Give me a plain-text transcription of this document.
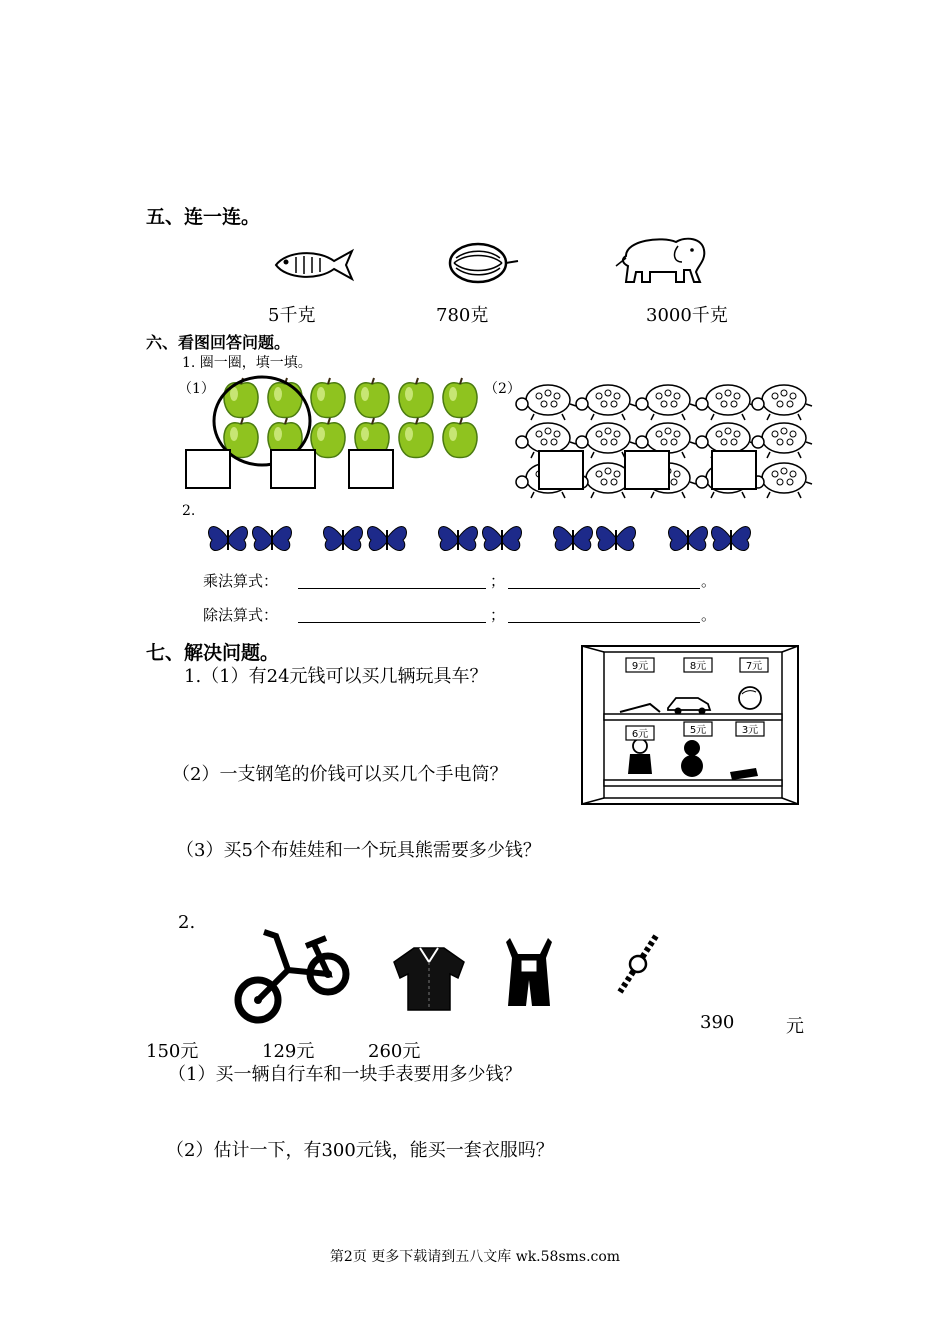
五、连一连。
5千克	780克	3000千克
六、看图回答问题。
1. 圈一圈，填一填。
（1）	（2）
2.
乘法算式：	；	。
除法算式：	；	。
七、解决问题。
1.（1）有24元钱可以买几辆玩具车？
（2）一支钢笔的价钱可以买几个手电筒？
（3）买5个布娃娃和一个玩具熊需要多少钱？
9元	8元	7元
5元
6元	3元
2.
390	元
150元	129元	260元
（1）买一辆自行车和一块手表要用多少钱？
（2）估计一下，有300元钱，能买一套衣服吗？
第2页 更多下载请到五八文库 wk.58sms.com
